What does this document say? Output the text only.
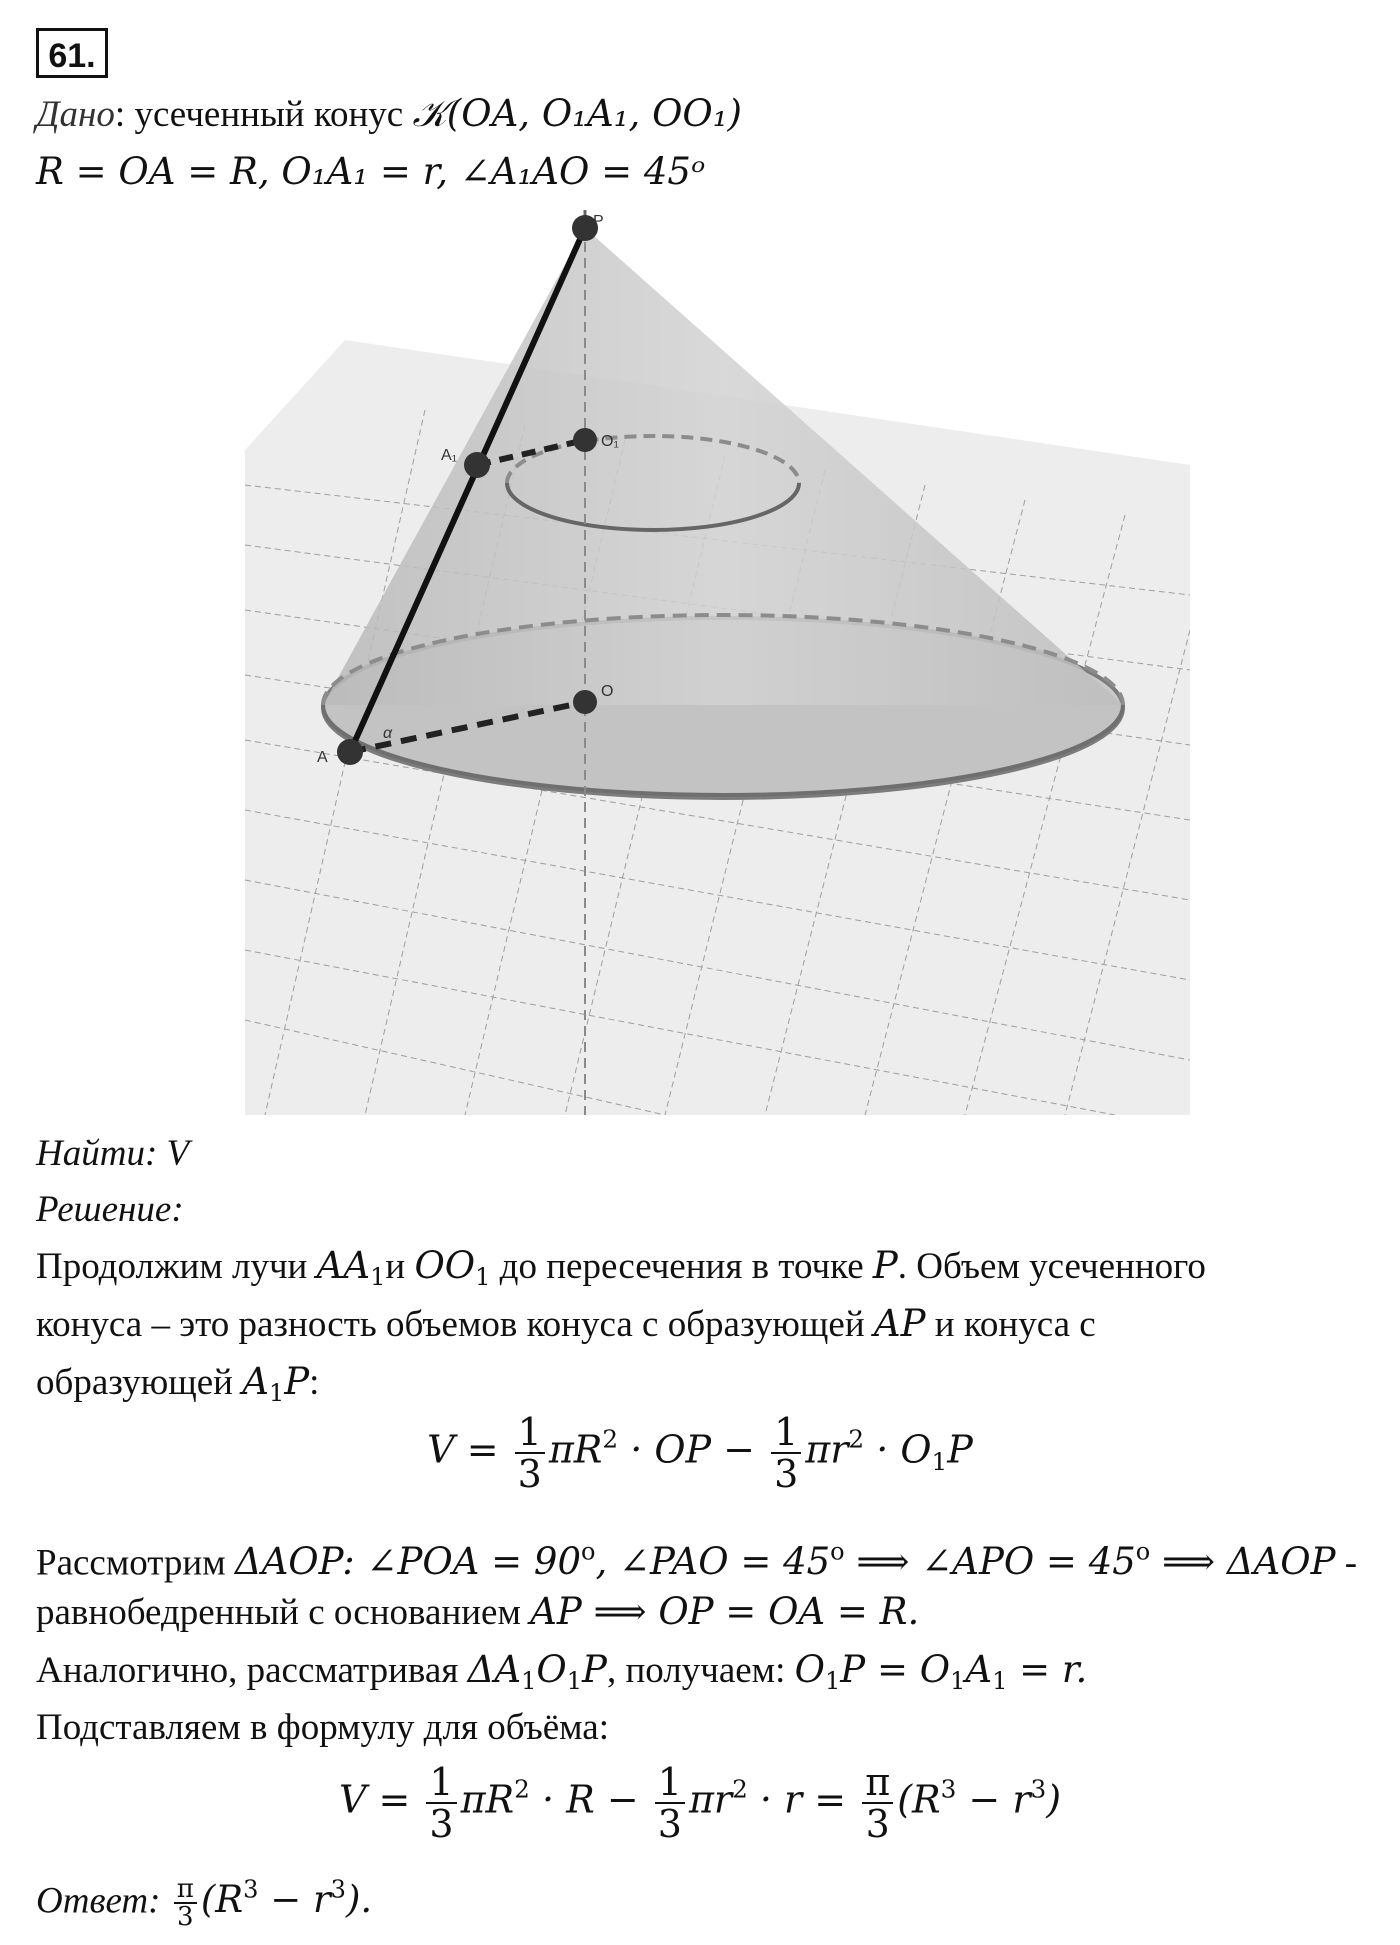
61.
Дано: усеченный конус 𝒦(OA, O₁A₁, OO₁)
R = OA = R, O₁A₁ = r, ∠A₁AO = 45ᵒ
P
A₁
O₁
O
A
α
Найти: V
Решение:
Продолжим лучи $AA_1и$ $OO_1$ до пересечения в точке P. Объем усеченного
конуса – это разность объемов конуса с образующей AP и конуса с
образующей $A_1P$:
$V = \frac{1}{3} \pi R^2$ · OP − $\frac{1}{3} \pi r^2 \cdot O_1P$
Рассмотрим ΔAOP: ∠POA = $90^o$, ∠PAO = $45^o$ ⟹ ∠APO = $45^o$ ⟹ ΔAOP -
равнобедренный с основанием AP ⟹ OP = OA = R.
Аналогично, рассматривая $\Delta A_1O_1P$, получаем: $O_1P = O_1A_1 = r$.
Подставляем в формулу для объёма:
$V = \frac{1}{3} \pi R^2 \cdot R - \frac{1}{3} \pi r^2 \cdot r = \frac{\pi}{3} (R^3 - r^3)$
Ответ: $\frac{\pi}{3} (R^3 - r^3)$.
